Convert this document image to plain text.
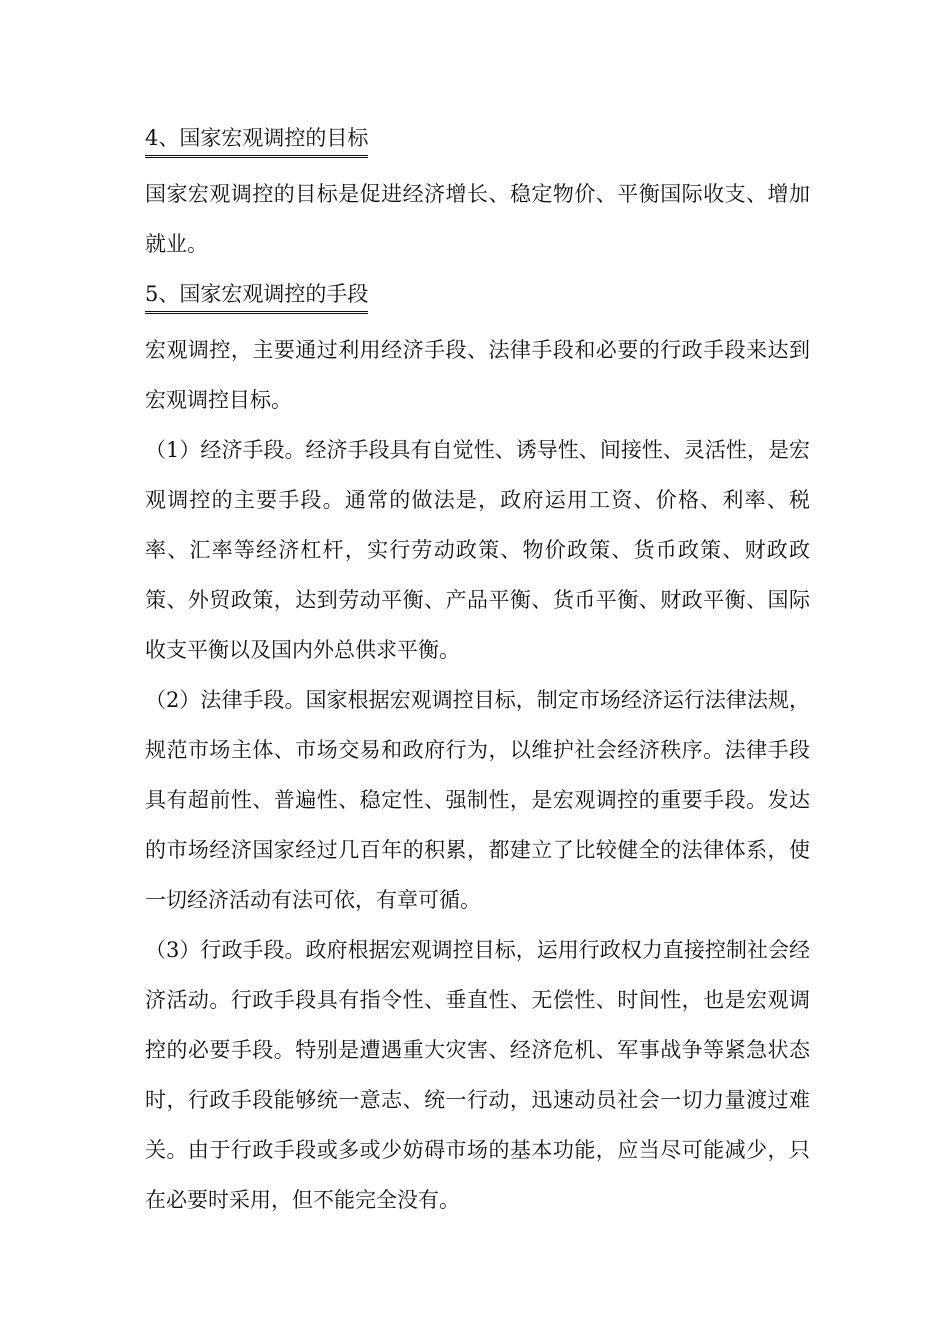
4、国家宏观调控的目标

国家宏观调控的目标是促进经济增长、稳定物价、平衡国际收支、增加就业。

5、国家宏观调控的手段

宏观调控，主要通过利用经济手段、法律手段和必要的行政手段来达到宏观调控目标。

（1）经济手段。经济手段具有自觉性、诱导性、间接性、灵活性，是宏观调控的主要手段。通常的做法是，政府运用工资、价格、利率、税率、汇率等经济杠杆，实行劳动政策、物价政策、货币政策、财政政策、外贸政策，达到劳动平衡、产品平衡、货币平衡、财政平衡、国际收支平衡以及国内外总供求平衡。

（2）法律手段。国家根据宏观调控目标，制定市场经济运行法律法规，规范市场主体、市场交易和政府行为，以维护社会经济秩序。法律手段具有超前性、普遍性、稳定性、强制性，是宏观调控的重要手段。发达的市场经济国家经过几百年的积累，都建立了比较健全的法律体系，使一切经济活动有法可依，有章可循。

（3）行政手段。政府根据宏观调控目标，运用行政权力直接控制社会经济活动。行政手段具有指令性、垂直性、无偿性、时间性，也是宏观调控的必要手段。特别是遭遇重大灾害、经济危机、军事战争等紧急状态时，行政手段能够统一意志、统一行动，迅速动员社会一切力量渡过难关。由于行政手段或多或少妨碍市场的基本功能，应当尽可能减少，只在必要时采用，但不能完全没有。
